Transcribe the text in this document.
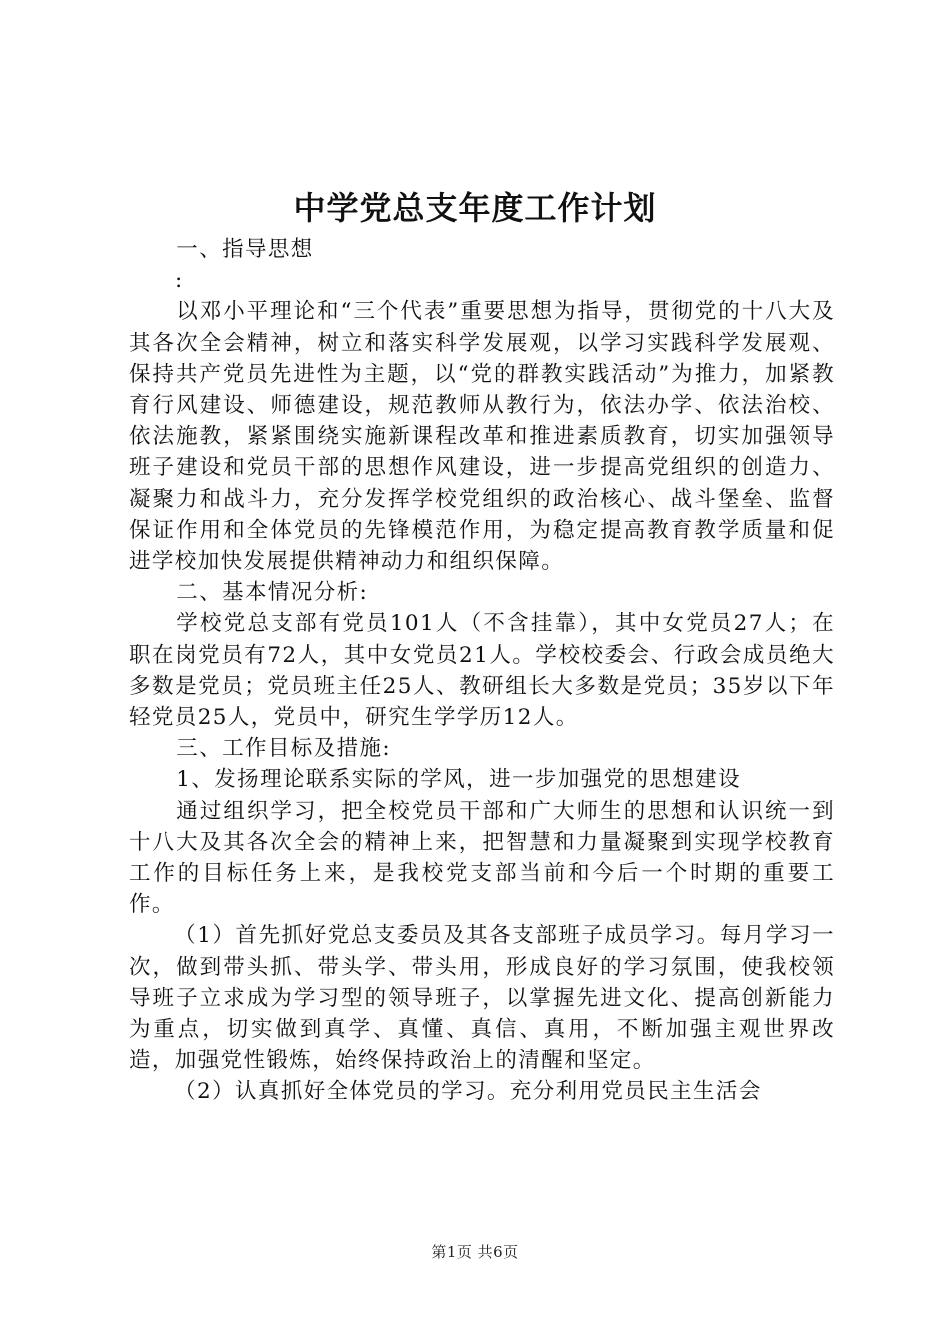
中学党总支年度工作计划

一、指导思想

:

以邓小平理论和“三个代表”重要思想为指导，贯彻党的十八大及其各次全会精神，树立和落实科学发展观，以学习实践科学发展观、保持共产党员先进性为主题，以“党的群教实践活动”为推力，加紧教育行风建设、师德建设，规范教师从教行为，依法办学、依法治校、依法施教，紧紧围绕实施新课程改革和推进素质教育，切实加强领导班子建设和党员干部的思想作风建设，进一步提高党组织的创造力、凝聚力和战斗力，充分发挥学校党组织的政治核心、战斗堡垒、监督保证作用和全体党员的先锋模范作用，为稳定提高教育教学质量和促进学校加快发展提供精神动力和组织保障。

二、基本情况分析:

学校党总支部有党员101人（不含挂靠），其中女党员27人；在职在岗党员有72人，其中女党员21人。学校校委会、行政会成员绝大多数是党员；党员班主任25人、教研组长大多数是党员；35岁以下年轻党员25人，党员中，研究生学学历12人。

三、工作目标及措施:

1、发扬理论联系实际的学风，进一步加强党的思想建设

通过组织学习，把全校党员干部和广大师生的思想和认识统一到十八大及其各次全会的精神上来，把智慧和力量凝聚到实现学校教育工作的目标任务上来，是我校党支部当前和今后一个时期的重要工作。

（1）首先抓好党总支委员及其各支部班子成员学习。每月学习一次，做到带头抓、带头学、带头用，形成良好的学习氛围，使我校领导班子立求成为学习型的领导班子，以掌握先进文化、提高创新能力为重点，切实做到真学、真懂、真信、真用，不断加强主观世界改造，加强党性锻炼，始终保持政治上的清醒和坚定。

（2）认真抓好全体党员的学习。充分利用党员民主生活会

第1页 共6页
